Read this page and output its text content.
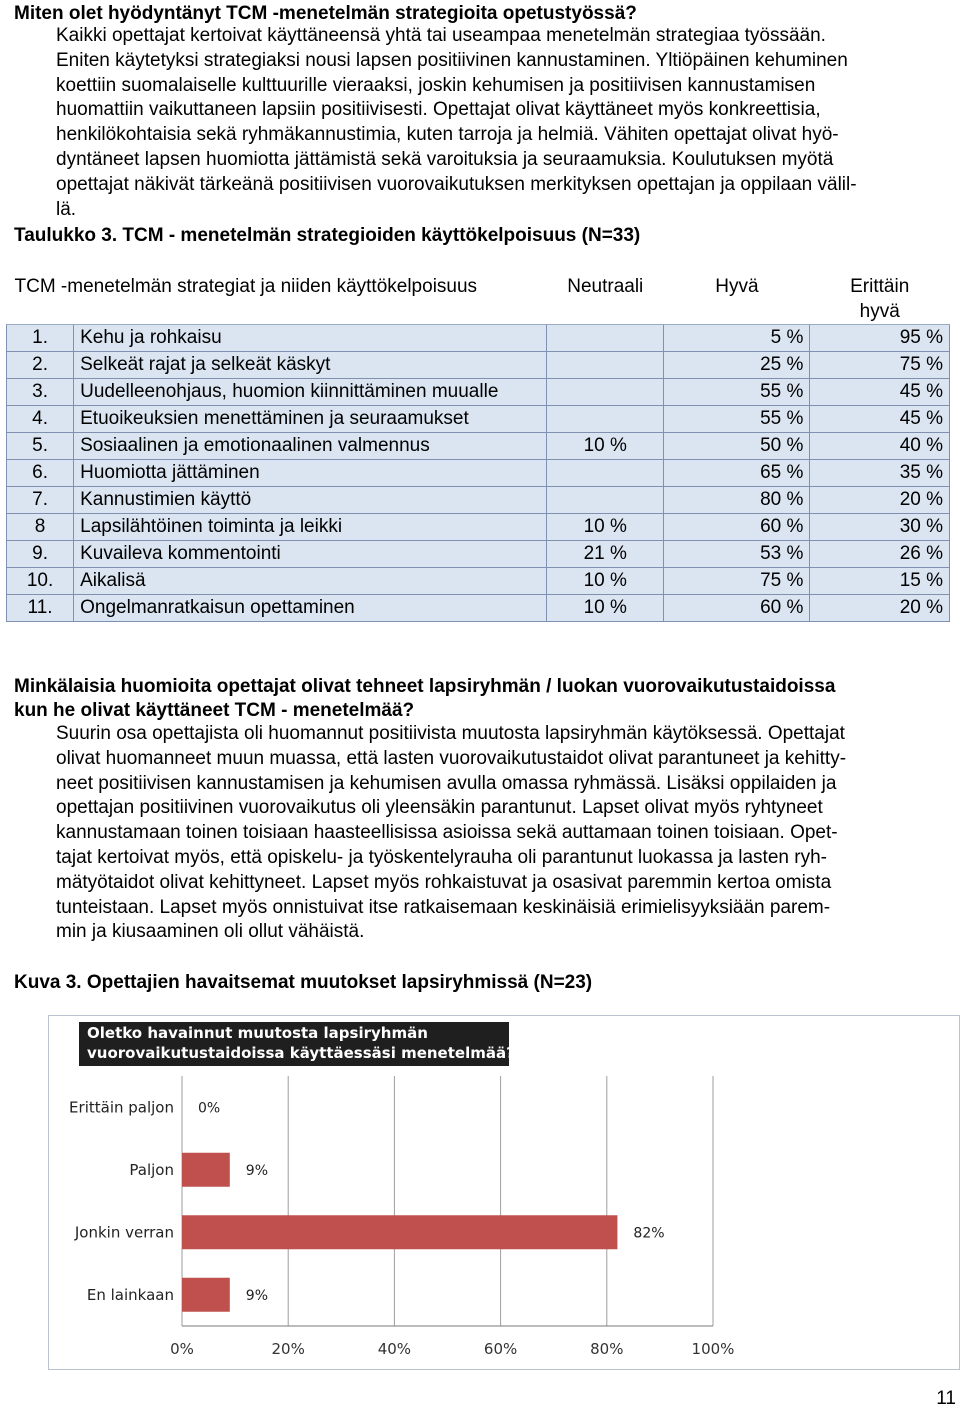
Miten olet hyödyntänyt TCM -menetelmän strategioita opetustyössä?
Kaikki opettajat kertoivat käyttäneensä yhtä tai useampaa menetelmän strategiaa työssään.
Eniten käytetyksi strategiaksi nousi lapsen positiivinen kannustaminen. Yltiöpäinen kehuminen
koettiin suomalaiselle kulttuurille vieraaksi, joskin kehumisen ja positiivisen kannustamisen
huomattiin vaikuttaneen lapsiin positiivisesti. Opettajat olivat käyttäneet myös konkreettisia,
henkilökohtaisia sekä ryhmäkannustimia, kuten tarroja ja helmiä. Vähiten opettajat olivat hyö-
dyntäneet lapsen huomiotta jättämistä sekä varoituksia ja seuraamuksia. Koulutuksen myötä
opettajat näkivät tärkeänä positiivisen vuorovaikutuksen merkityksen opettajan ja oppilaan välil-
lä.
Taulukko 3. TCM - menetelmän strategioiden käyttökelpoisuus (N=33)
TCM -menetelmän strategiat ja niiden käyttökelpoisuus		Neutraali	Hyvä	Erittäin
hyvä
1.	Kehu ja rohkaisu		5 %	95 %
2.	Selkeät rajat ja selkeät käskyt		25 %	75 %
3.	Uudelleenohjaus, huomion kiinnittäminen muualle		55 %	45 %
4.	Etuoikeuksien menettäminen ja seuraamukset		55 %	45 %
5.	Sosiaalinen ja emotionaalinen valmennus	10 %	50 %	40 %
6.	Huomiotta jättäminen		65 %	35 %
7.	Kannustimien käyttö		80 %	20 %
8	Lapsilähtöinen toiminta ja leikki	10 %	60 %	30 %
9.	Kuvaileva kommentointi	21 %	53 %	26 %
10.	Aikalisä	10 %	75 %	15 %
11.	Ongelmanratkaisun opettaminen	10 %	60 %	20 %
Minkälaisia huomioita opettajat olivat tehneet lapsiryhmän / luokan vuorovaikutustaidoissa
kun he olivat käyttäneet TCM - menetelmää?
Suurin osa opettajista oli huomannut positiivista muutosta lapsiryhmän käytöksessä. Opettajat
olivat huomanneet muun muassa, että lasten vuorovaikutustaidot olivat parantuneet ja kehitty-
neet positiivisen kannustamisen ja kehumisen avulla omassa ryhmässä. Lisäksi oppilaiden ja
opettajan positiivinen vuorovaikutus oli yleensäkin parantunut. Lapset olivat myös ryhtyneet
kannustamaan toinen toisiaan haasteellisissa asioissa sekä auttamaan toinen toisiaan. Opet-
tajat kertoivat myös, että opiskelu- ja työskentelyrauha oli parantunut luokassa ja lasten ryh-
mätyötaidot olivat kehittyneet. Lapset myös rohkaistuvat ja osasivat paremmin kertoa omista
tunteistaan. Lapset myös onnistuivat itse ratkaisemaan keskinäisiä erimielisyyksiään parem-
min ja kiusaaminen oli ollut vähäistä.
Kuva 3. Opettajien havaitsemat muutokset lapsiryhmissä (N=23)
Oletko havainnut muutosta lapsiryhmän
vuorovaikutustaidoissa käyttäessäsi menetelmää?
0%	20%	40%	60%	80%	100%
Erittäin paljon 0%
Paljon	9%
Jonkin verran	82%
En lainkaan	9%
11
